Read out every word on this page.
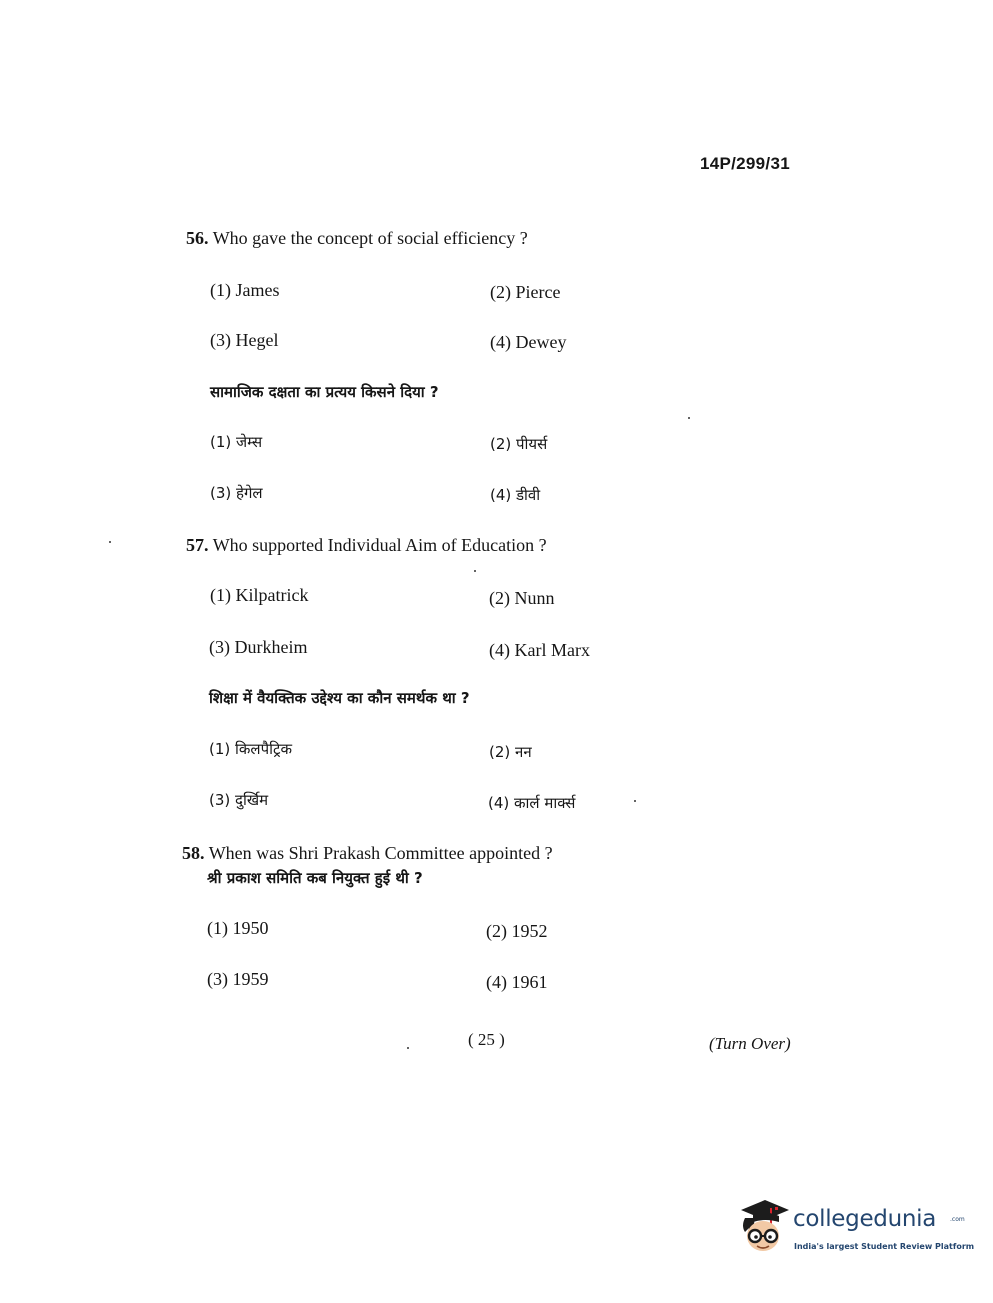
14P/299/31
56. Who gave the concept of social efficiency ?
(1) James	(2) Pierce
(3) Hegel	(4) Dewey
सामाजिक दक्षता का प्रत्यय किसने दिया ?
(1) जेम्स	(2) पीयर्स
(3) हेगेल	(4) डीवी
57. Who supported Individual Aim of Education ?
(1) Kilpatrick	(2) Nunn
(3) Durkheim	(4) Karl Marx
शिक्षा में वैयक्तिक उद्देश्य का कौन समर्थक था ?
(1) किलपैट्रिक	(2) नन
(3) दुर्खिम	(4) कार्ल मार्क्स
58. When was Shri Prakash Committee appointed ?
श्री प्रकाश समिति कब नियुक्त हुई थी ?
(1) 1950	(2) 1952
(3) 1959	(4) 1961
( 25 )	(Turn Over)
collegedunia .com
India's largest Student Review Platform
